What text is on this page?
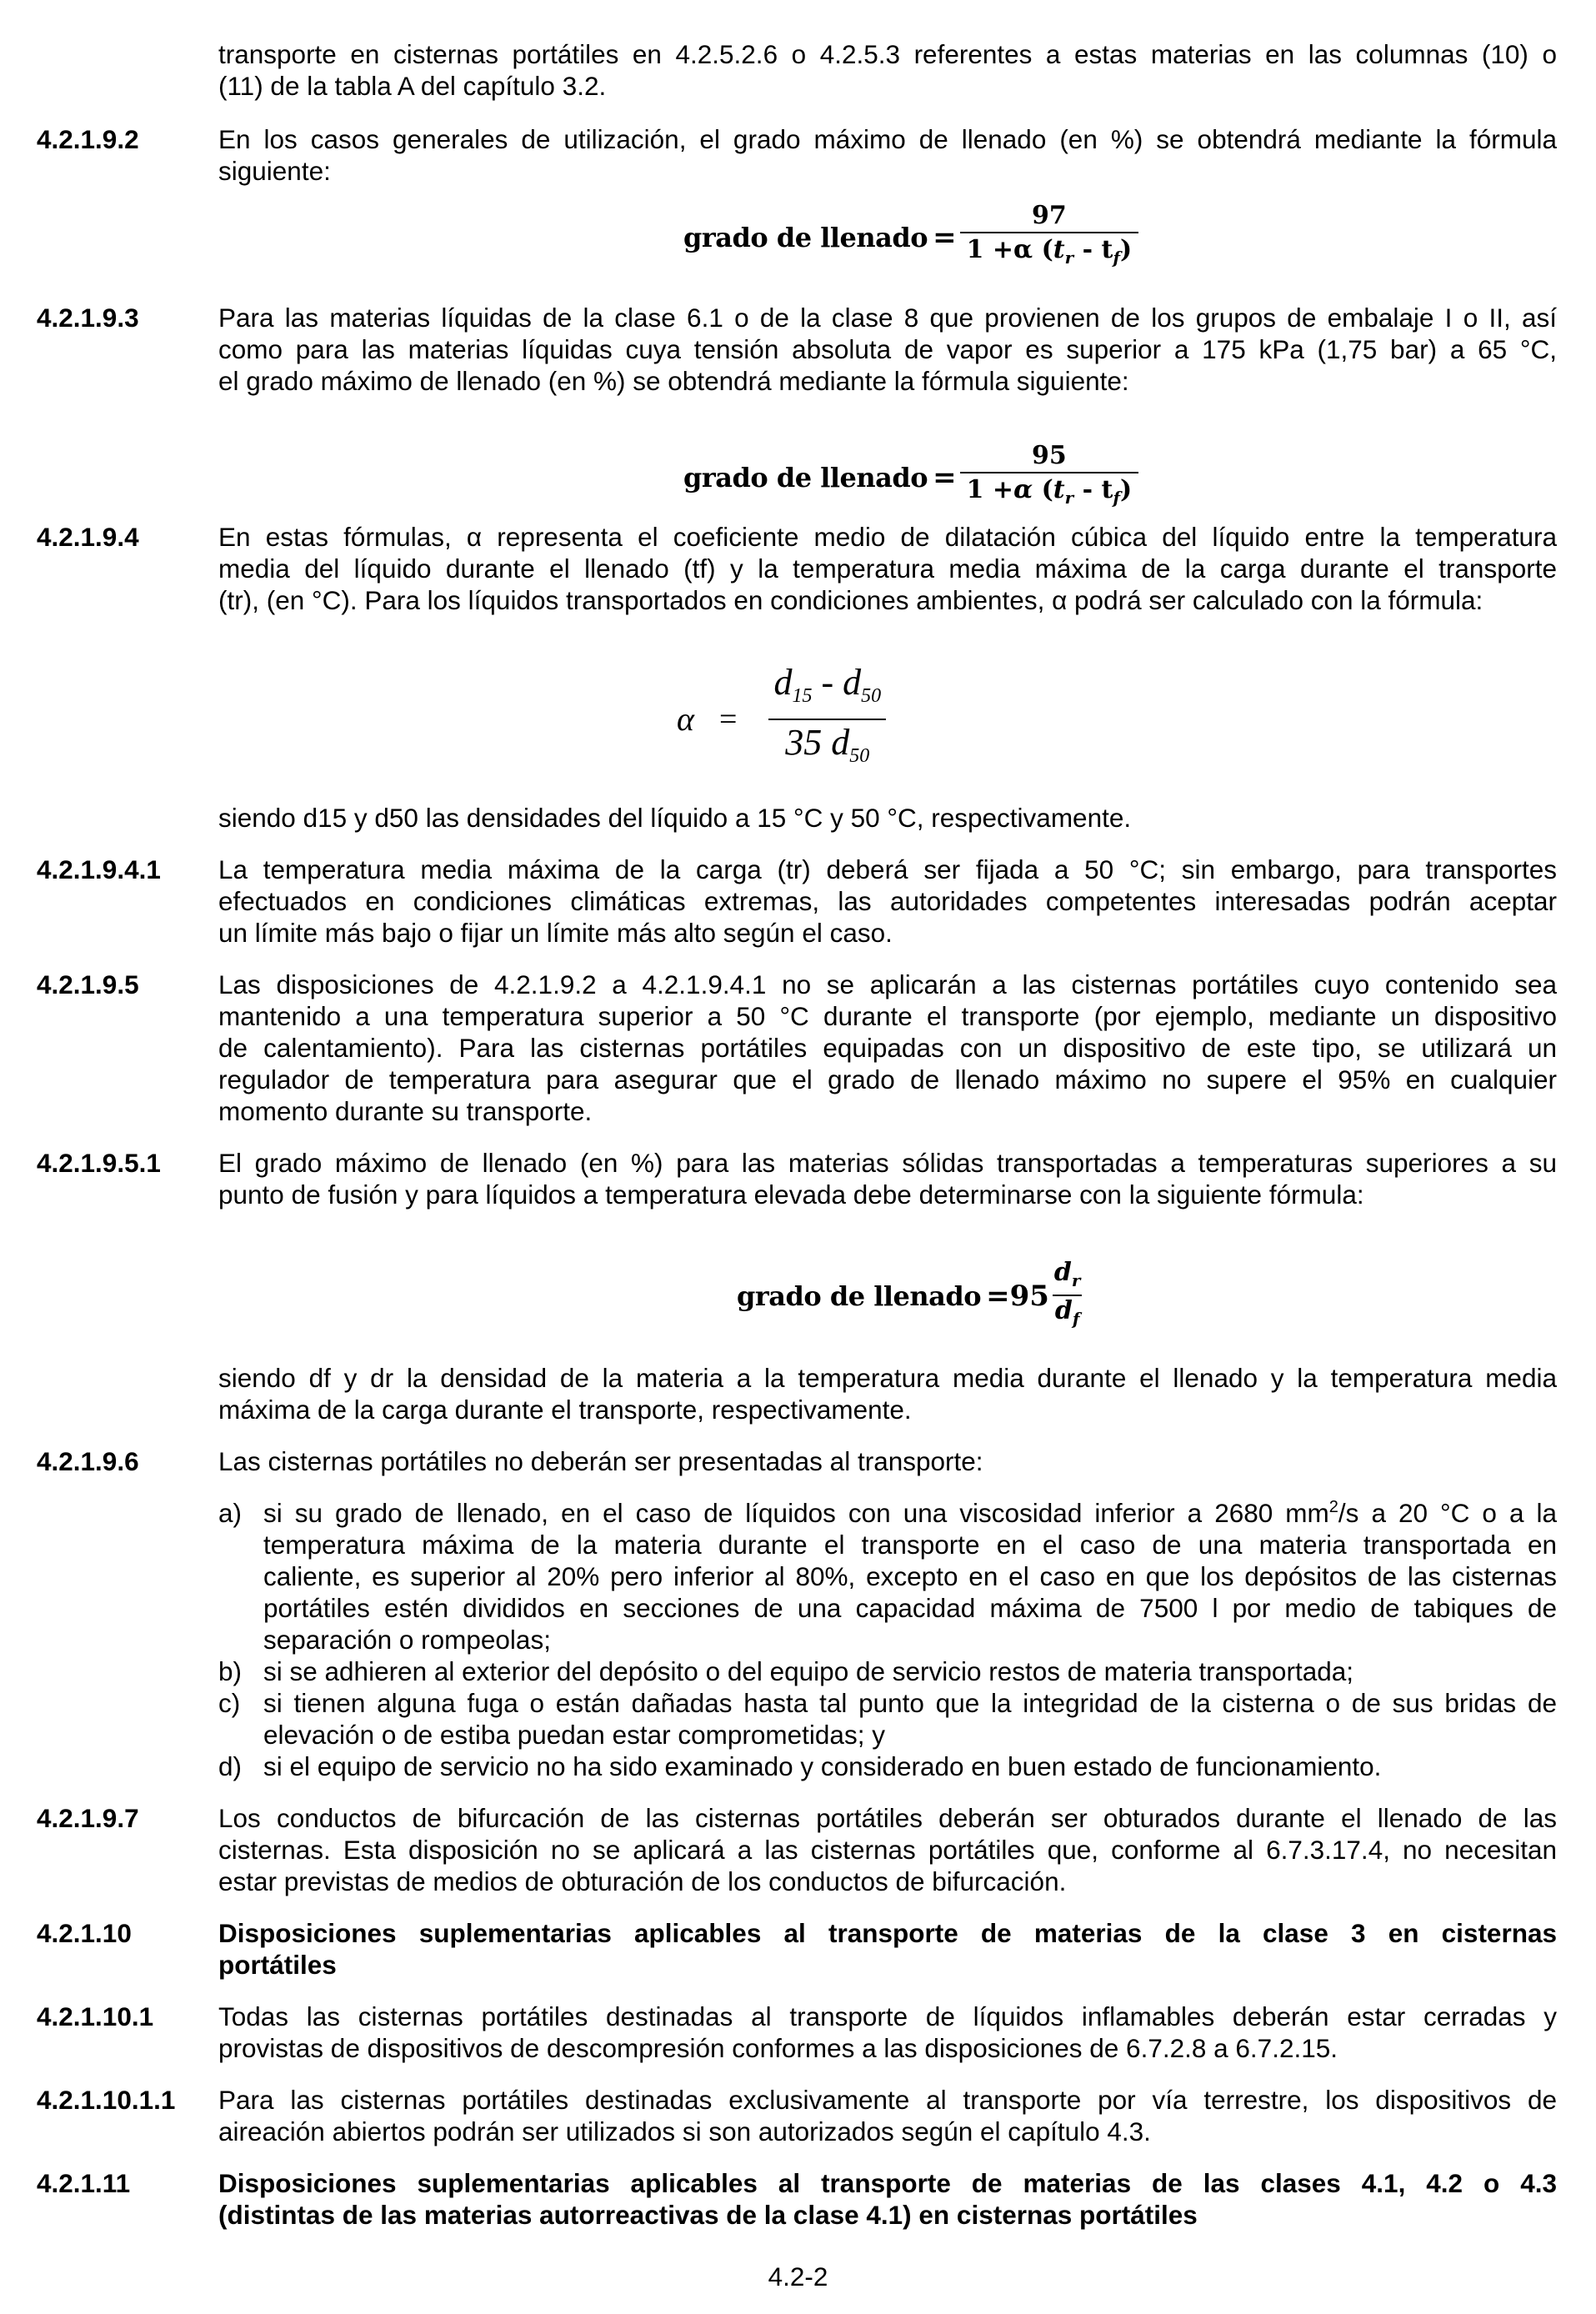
transporte en cisternas portátiles en 4.2.5.2.6 o 4.2.5.3 referentes a estas materias en las columnas (10) o
(11) de la tabla A del capítulo 3.2.
4.2.1.9.2	En los casos generales de utilización, el grado máximo de llenado (en %) se obtendrá mediante la fórmula
siguiente:
grado de llenado = $\frac{97}{1 +\alpha (t_r - t_f)}$
4.2.1.9.3	Para las materias líquidas de la clase 6.1 o de la clase 8 que provienen de los grupos de embalaje I o II, así
como para las materias líquidas cuya tensión absoluta de vapor es superior a 175 kPa (1,75 bar) a 65 °C,
el grado máximo de llenado (en %) se obtendrá mediante la fórmula siguiente:
grado de llenado = $\frac{95}{1 +\alpha (t_r - t_f)}$
4.2.1.9.4	En estas fórmulas, α representa el coeficiente medio de dilatación cúbica del líquido entre la temperatura
media del líquido durante el llenado (tf) y la temperatura media máxima de la carga durante el transporte
(tr), (en °C). Para los líquidos transportados en condiciones ambientes, α podrá ser calculado con la fórmula:
$\alpha = \frac{d_{15} - d_{50}}{35 d_{50}}$
siendo d15 y d50 las densidades del líquido a 15 °C y 50 °C, respectivamente.
4.2.1.9.4.1 La temperatura media máxima de la carga (tr) deberá ser fijada a 50 °C; sin embargo, para transportes
efectuados en condiciones climáticas extremas, las autoridades competentes interesadas podrán aceptar
un límite más bajo o fijar un límite más alto según el caso.
4.2.1.9.5	Las disposiciones de 4.2.1.9.2 a 4.2.1.9.4.1 no se aplicarán a las cisternas portátiles cuyo contenido sea
mantenido a una temperatura superior a 50 °C durante el transporte (por ejemplo, mediante un dispositivo
de calentamiento). Para las cisternas portátiles equipadas con un dispositivo de este tipo, se utilizará un
regulador de temperatura para asegurar que el grado de llenado máximo no supere el 95% en cualquier
momento durante su transporte.
4.2.1.9.5.1 El grado máximo de llenado (en %) para las materias sólidas transportadas a temperaturas superiores a su
punto de fusión y para líquidos a temperatura elevada debe determinarse con la siguiente fórmula:
grado de llenado $=95 \frac{d_r}{d_f}$
siendo df y dr la densidad de la materia a la temperatura media durante el llenado y la temperatura media
máxima de la carga durante el transporte, respectivamente.
4.2.1.9.6	Las cisternas portátiles no deberán ser presentadas al transporte:
a) si su grado de llenado, en el caso de líquidos con una viscosidad inferior a 2680 $mm^2/s$ a 20 °C o a la
temperatura máxima de la materia durante el transporte en el caso de una materia transportada en
caliente, es superior al 20% pero inferior al 80%, excepto en el caso en que los depósitos de las cisternas
portátiles estén divididos en secciones de una capacidad máxima de 7500 l por medio de tabiques de
separación o rompeolas;
b) si se adhieren al exterior del depósito o del equipo de servicio restos de materia transportada;
c) si tienen alguna fuga o están dañadas hasta tal punto que la integridad de la cisterna o de sus bridas de
elevación o de estiba puedan estar comprometidas; y
d) si el equipo de servicio no ha sido examinado y considerado en buen estado de funcionamiento.
4.2.1.9.7	Los conductos de bifurcación de las cisternas portátiles deberán ser obturados durante el llenado de las
cisternas. Esta disposición no se aplicará a las cisternas portátiles que, conforme al 6.7.3.17.4, no necesitan
estar previstas de medios de obturación de los conductos de bifurcación.
4.2.1.10	Disposiciones suplementarias aplicables al transporte de materias de la clase 3 en cisternas
portátiles
4.2.1.10.1 Todas las cisternas portátiles destinadas al transporte de líquidos inflamables deberán estar cerradas y
provistas de dispositivos de descompresión conformes a las disposiciones de 6.7.2.8 a 6.7.2.15.
4.2.1.10.1.1 Para las cisternas portátiles destinadas exclusivamente al transporte por vía terrestre, los dispositivos de
aireación abiertos podrán ser utilizados si son autorizados según el capítulo 4.3.
4.2.1.11	Disposiciones suplementarias aplicables al transporte de materias de las clases 4.1, 4.2 o 4.3
(distintas de las materias autorreactivas de la clase 4.1) en cisternas portátiles
4.2-2
